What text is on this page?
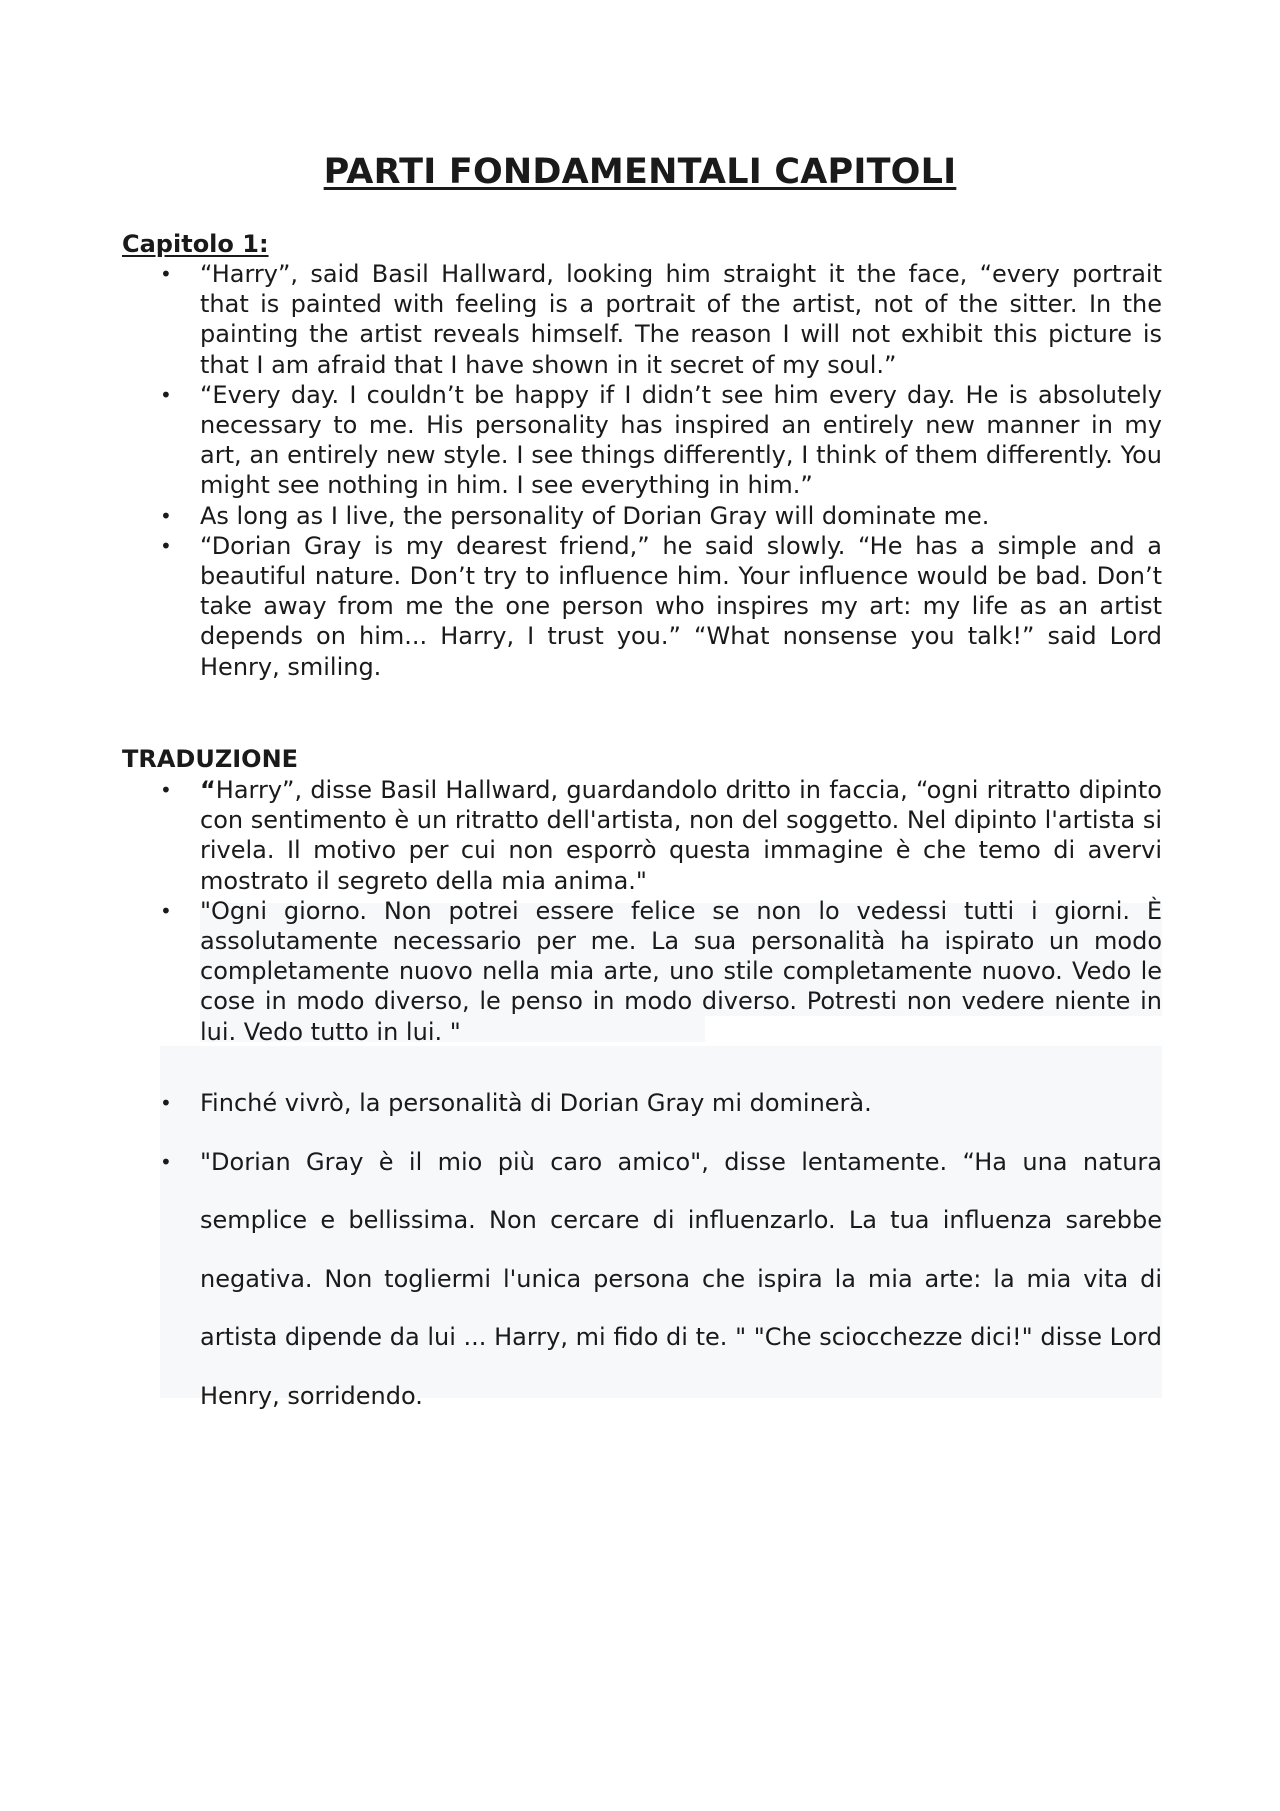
PARTI FONDAMENTALI CAPITOLI
Capitolo 1:
• “Harry”, said Basil Hallward, looking him straight it the face, “every portrait that is painted with feeling is a portrait of the artist, not of the sitter. In the painting the artist reveals himself. The reason I will not exhibit this picture is that I am afraid that I have shown in it secret of my soul.”
• “Every day. I couldn’t be happy if I didn’t see him every day. He is absolutely necessary to me. His personality has inspired an entirely new manner in my art, an entirely new style. I see things differently, I think of them differently. You might see nothing in him. I see everything in him.”
• As long as I live, the personality of Dorian Gray will dominate me.
• “Dorian Gray is my dearest friend,” he said slowly. “He has a simple and a beautiful nature. Don’t try to influence him. Your influence would be bad. Don’t take away from me the one person who inspires my art: my life as an artist depends on him... Harry, I trust you.” “What nonsense you talk!” said Lord Henry, smiling.
TRADUZIONE
• “Harry”, disse Basil Hallward, guardandolo dritto in faccia, “ogni ritratto dipinto con sentimento è un ritratto dell'artista, non del soggetto. Nel dipinto l'artista si rivela. Il motivo per cui non esporrò questa immagine è che temo di avervi mostrato il segreto della mia anima."
• "Ogni giorno. Non potrei essere felice se non lo vedessi tutti i giorni. È assolutamente necessario per me. La sua personalità ha ispirato un modo completamente nuovo nella mia arte, uno stile completamente nuovo. Vedo le cose in modo diverso, le penso in modo diverso. Potresti non vedere niente in lui. Vedo tutto in lui. "
• Finché vivrò, la personalità di Dorian Gray mi dominerà.
• "Dorian Gray è il mio più caro amico", disse lentamente. “Ha una natura semplice e bellissima. Non cercare di influenzarlo. La tua influenza sarebbe negativa. Non togliermi l'unica persona che ispira la mia arte: la mia vita di artista dipende da lui ... Harry, mi fido di te. " "Che sciocchezze dici!" disse Lord Henry, sorridendo.
